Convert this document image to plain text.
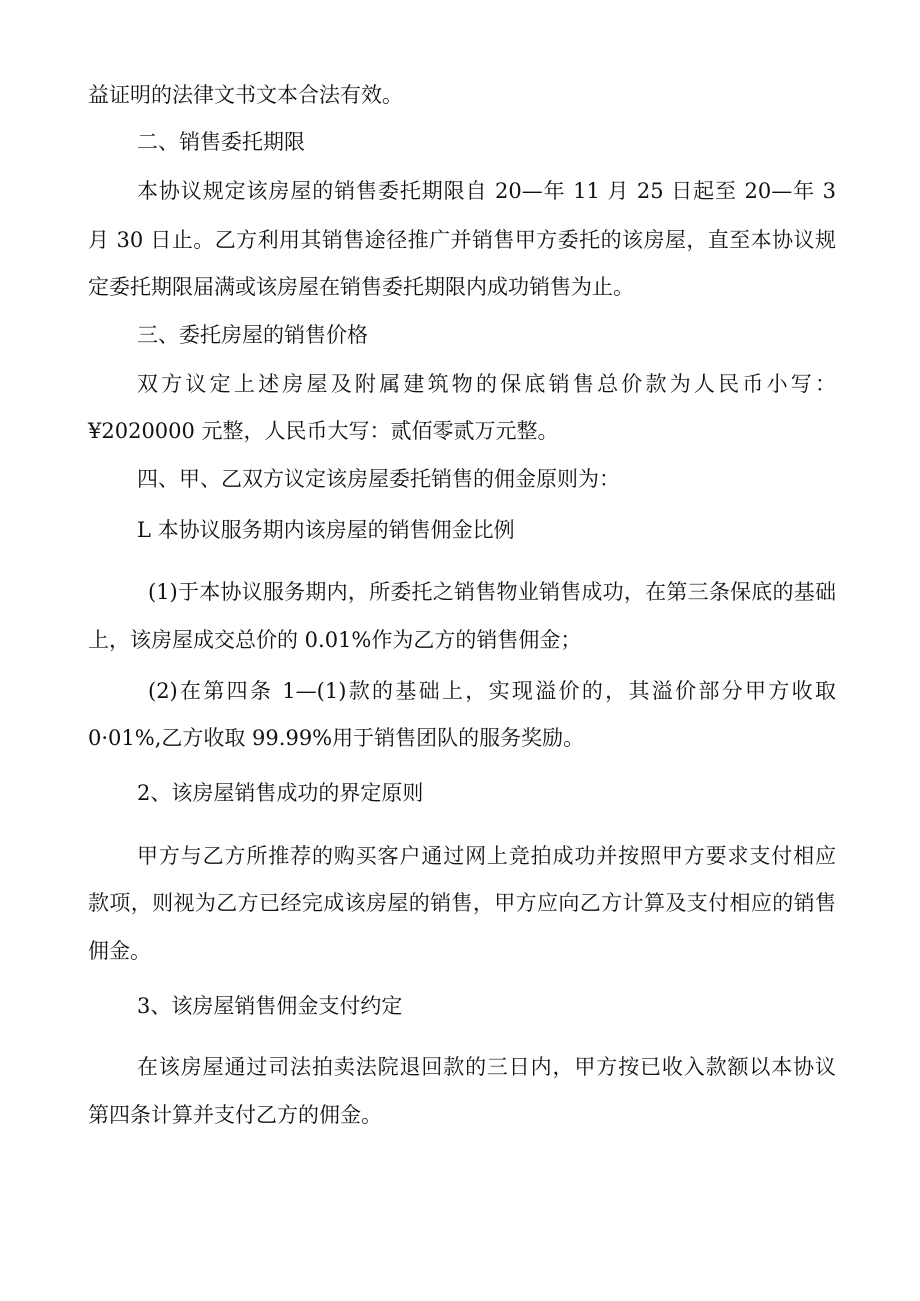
益证明的法律文书文本合法有效。
二、销售委托期限
本协议规定该房屋的销售委托期限自 20—年 11 月 25 日起至 20—年 3
月 30 日止。乙方利用其销售途径推广并销售甲方委托的该房屋，直至本协议规
定委托期限届满或该房屋在销售委托期限内成功销售为止。
三、委托房屋的销售价格
双方议定上述房屋及附属建筑物的保底销售总价款为人民币小写：
¥2020000 元整，人民币大写：贰佰零贰万元整。
四、甲、乙双方议定该房屋委托销售的佣金原则为：
L 本协议服务期内该房屋的销售佣金比例
(1)于本协议服务期内，所委托之销售物业销售成功，在第三条保底的基础
上，该房屋成交总价的 0.01%作为乙方的销售佣金；
(2)在第四条 1—(1)款的基础上，实现溢价的，其溢价部分甲方收取
0·01%,乙方收取 99.99%用于销售团队的服务奖励。
2、该房屋销售成功的界定原则
甲方与乙方所推荐的购买客户通过网上竞拍成功并按照甲方要求支付相应
款项，则视为乙方已经完成该房屋的销售，甲方应向乙方计算及支付相应的销售
佣金。
3、该房屋销售佣金支付约定
在该房屋通过司法拍卖法院退回款的三日内，甲方按已收入款额以本协议
第四条计算并支付乙方的佣金。
